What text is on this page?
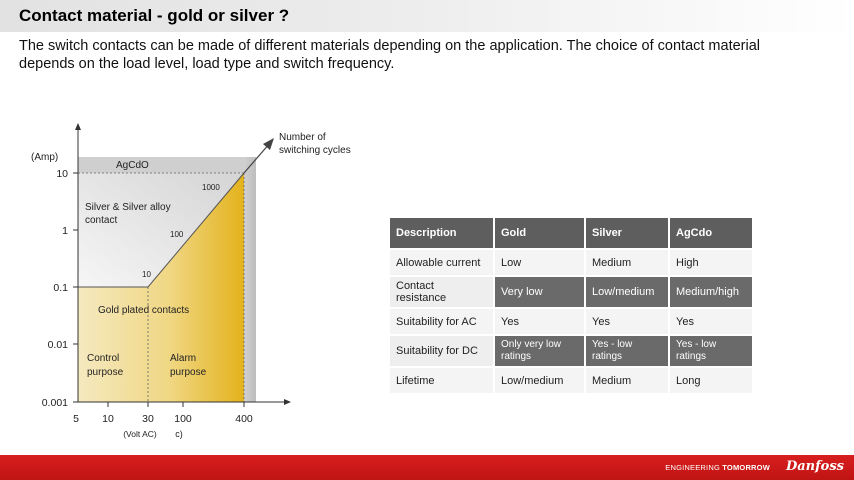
Contact material - gold or silver ?
The switch contacts can be made of different materials depending on the application. The choice of contact material depends on the load level, load type and switch frequency.
(Amp)
10
1
0.1
0.01
0.001
5 10	30 100	400
(Volt AC) c)
Number of
switching cycles
10
100
1000
AgCdO
Silver & Silver alloy
contact
Gold plated contacts
Control
purpose
Alarm
purpose
Description	Gold	Silver	AgCdo
Allowable current	Low	Medium	High
Contact resistance	Very low	Low/medium	Medium/high
Suitability for AC	Yes	Yes	Yes
Suitability for DC	Only very low ratings	Yes - low ratings	Yes - low ratings
Lifetime	Low/medium	Medium	Long
ENGINEERING TOMORROW Danfoss
